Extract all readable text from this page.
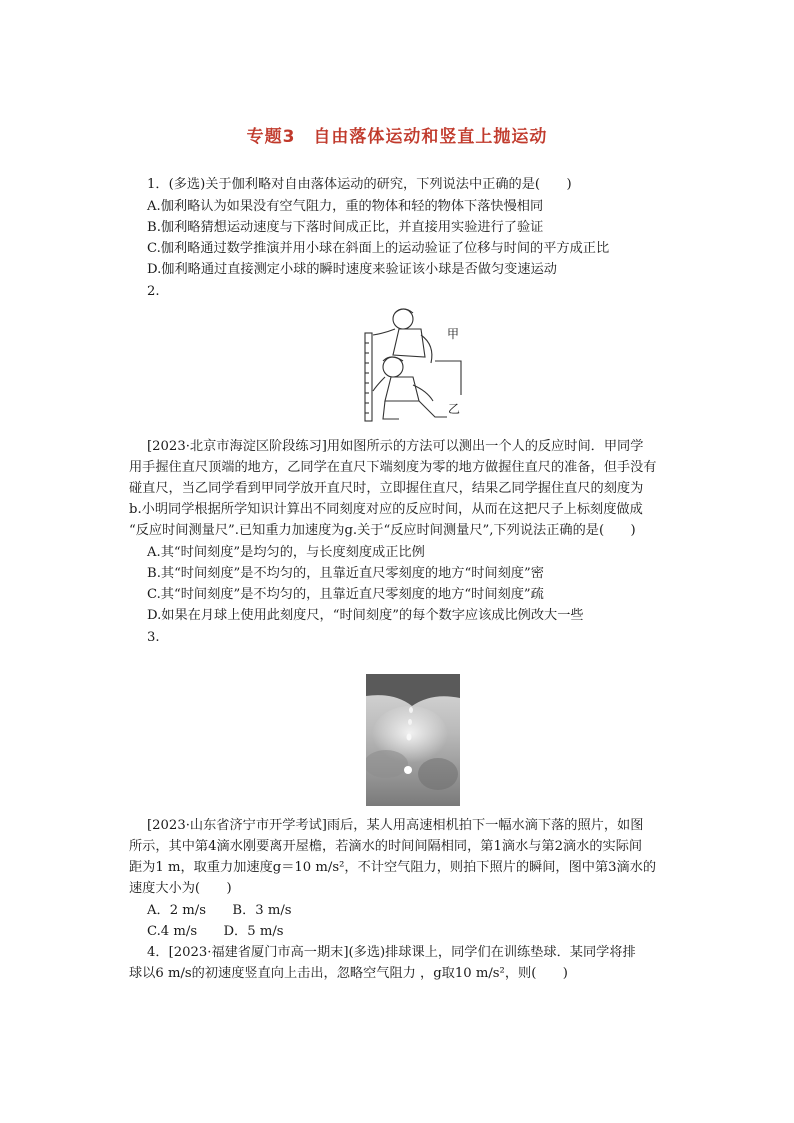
专题3　自由落体运动和竖直上抛运动
1．(多选)关于伽利略对自由落体运动的研究，下列说法中正确的是(　　)
A.伽利略认为如果没有空气阻力，重的物体和轻的物体下落快慢相同
B.伽利略猜想运动速度与下落时间成正比，并直接用实验进行了验证
C.伽利略通过数学推演并用小球在斜面上的运动验证了位移与时间的平方成正比
D.伽利略通过直接测定小球的瞬时速度来验证该小球是否做匀变速运动
2.
甲
乙
[2023·北京市海淀区阶段练习]用如图所示的方法可以测出一个人的反应时间．甲同学
用手握住直尺顶端的地方，乙同学在直尺下端刻度为零的地方做握住直尺的准备，但手没有
碰直尺，当乙同学看到甲同学放开直尺时，立即握住直尺，结果乙同学握住直尺的刻度为
b.小明同学根据所学知识计算出不同刻度对应的反应时间，从而在这把尺子上标刻度做成
“反应时间测量尺”.已知重力加速度为g.关于“反应时间测量尺”,下列说法正确的是(　　)
A.其“时间刻度”是均匀的，与长度刻度成正比例
B.其“时间刻度”是不均匀的，且靠近直尺零刻度的地方“时间刻度”密
C.其“时间刻度”是不均匀的，且靠近直尺零刻度的地方“时间刻度”疏
D.如果在月球上使用此刻度尺，“时间刻度”的每个数字应该成比例改大一些
3.
[2023·山东省济宁市开学考试]雨后，某人用高速相机拍下一幅水滴下落的照片，如图
所示，其中第4滴水刚要离开屋檐，若滴水的时间间隔相同，第1滴水与第2滴水的实际间
距为1 m，取重力加速度g＝10 m/s²，不计空气阻力，则拍下照片的瞬间，图中第3滴水的
速度大小为(　　)
A．2 m/s　　B．3 m/s
C.4 m/s　　D．5 m/s
4．[2023·福建省厦门市高一期末](多选)排球课上，同学们在训练垫球．某同学将排
球以6 m/s的初速度竖直向上击出，忽略空气阻力 ，g取10 m/s²，则(　　)
